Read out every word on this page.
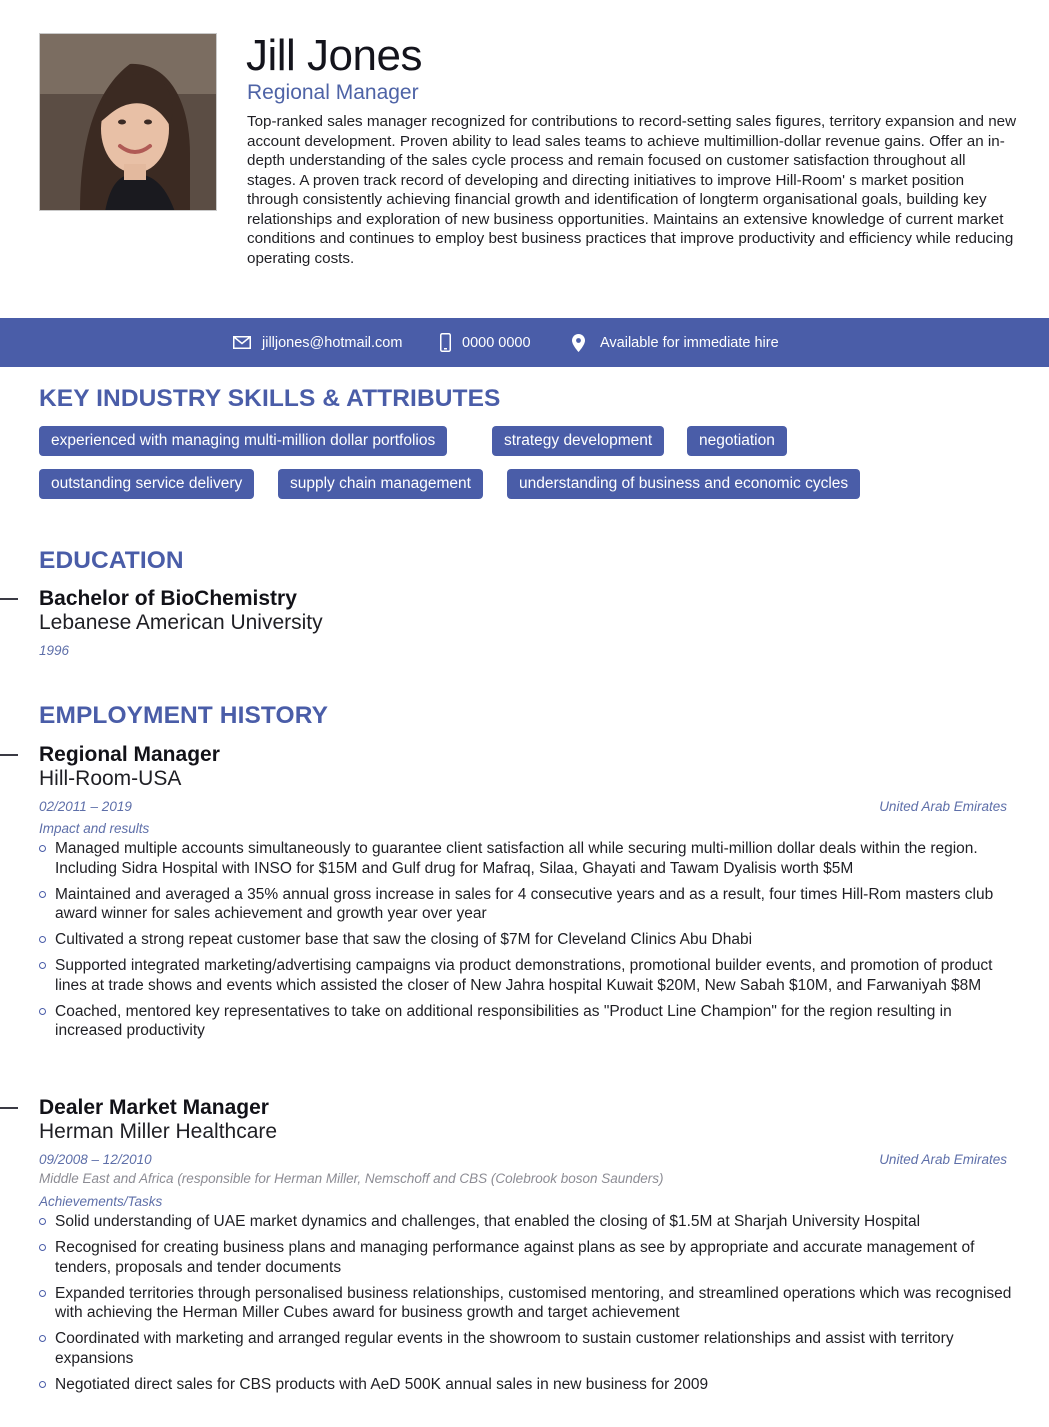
Jill Jones
Regional Manager
Top-ranked sales manager recognized for contributions to record-setting sales figures, territory expansion and new account development. Proven ability to lead sales teams to achieve multimillion-dollar revenue gains. Offer an in-depth understanding of the sales cycle process and remain focused on customer satisfaction throughout all stages. A proven track record of developing and directing initiatives to improve Hill-Room' s market position through consistently achieving financial growth and identification of longterm organisational goals, building key relationships and exploration of new business opportunities. Maintains an extensive knowledge of current market conditions and continues to employ best business practices that improve productivity and efficiency while reducing operating costs.
jilljones@hotmail.com	0000 0000	Available for immediate hire
KEY INDUSTRY SKILLS & ATTRIBUTES
experienced with managing multi-million dollar portfolios	strategy development	negotiation
outstanding service delivery	supply chain management	understanding of business and economic cycles
EDUCATION
Bachelor of BioChemistry
Lebanese American University
1996
EMPLOYMENT HISTORY
Regional Manager
Hill-Room-USA
02/2011 – 2019	United Arab Emirates
Impact and results
Managed multiple accounts simultaneously to guarantee client satisfaction all while securing multi-million dollar deals within the region. Including Sidra Hospital with INSO for $15M and Gulf drug for Mafraq, Silaa, Ghayati and Tawam Dyalisis worth $5M
Maintained and averaged a 35% annual gross increase in sales for 4 consecutive years and as a result, four times Hill-Rom masters club award winner for sales achievement and growth year over year
Cultivated a strong repeat customer base that saw the closing of $7M for Cleveland Clinics Abu Dhabi
Supported integrated marketing/advertising campaigns via product demonstrations, promotional builder events, and promotion of product lines at trade shows and events which assisted the closer of New Jahra hospital Kuwait $20M, New Sabah $10M, and Farwaniyah $8M
Coached, mentored key representatives to take on additional responsibilities as "Product Line Champion" for the region resulting in increased productivity
Dealer Market Manager
Herman Miller Healthcare
09/2008 – 12/2010	United Arab Emirates
Middle East and Africa (responsible for Herman Miller, Nemschoff and CBS (Colebrook boson Saunders)
Achievements/Tasks
Solid understanding of UAE market dynamics and challenges, that enabled the closing of $1.5M at Sharjah University Hospital
Recognised for creating business plans and managing performance against plans as see by appropriate and accurate management of tenders, proposals and tender documents
Expanded territories through personalised business relationships, customised mentoring, and streamlined operations which was recognised with achieving the Herman Miller Cubes award for business growth and target achievement
Coordinated with marketing and arranged regular events in the showroom to sustain customer relationships and assist with territory expansions
Negotiated direct sales for CBS products with AeD 500K annual sales in new business for 2009
